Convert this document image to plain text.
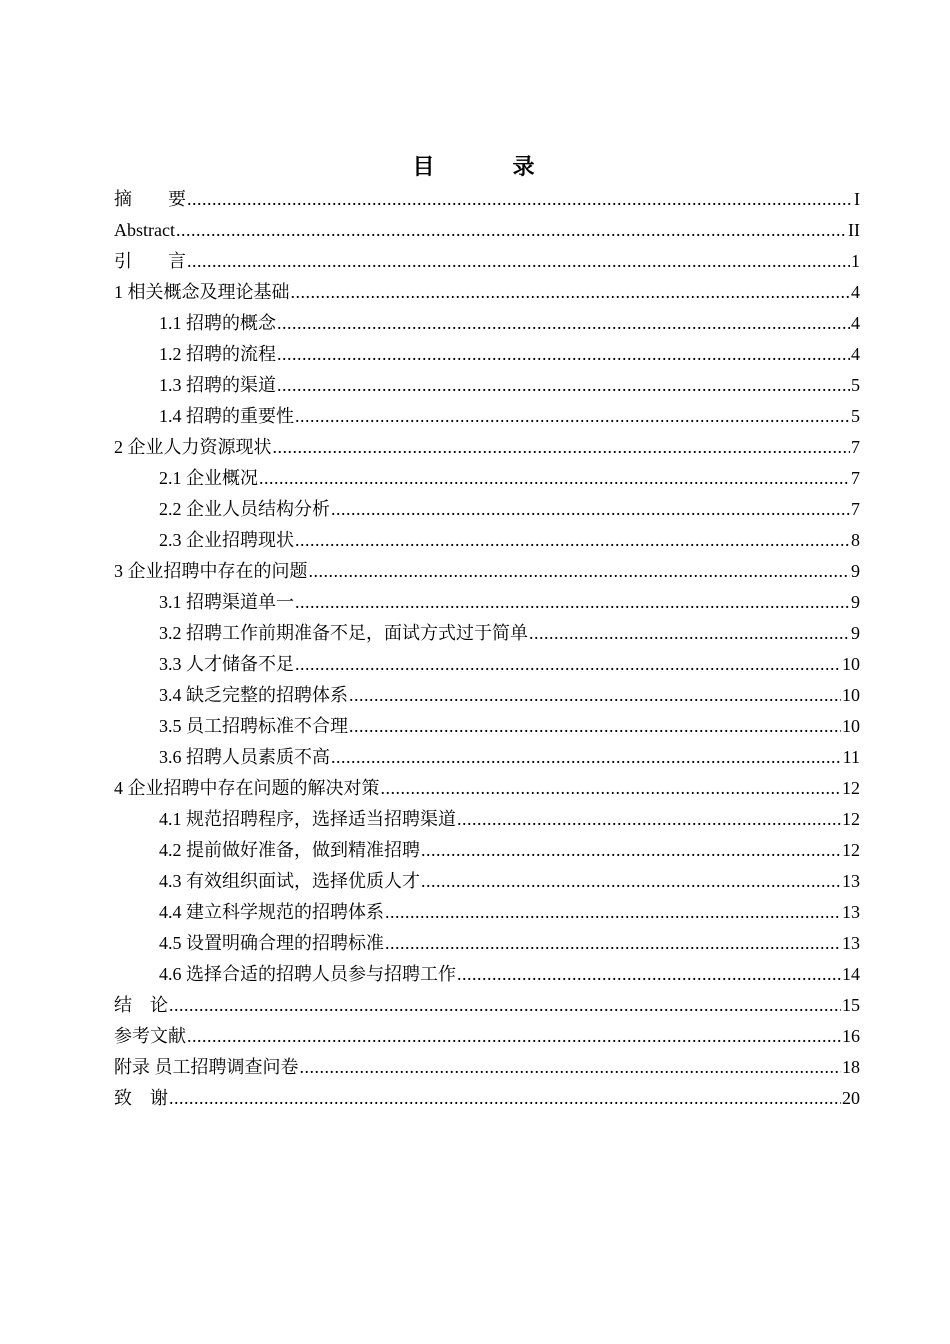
目　录
摘　　要 .....	I
Abstract .....	II
引　　言 .....	1
1 相关概念及理论基础 .....	4
1.1 招聘的概念 .....	4
1.2 招聘的流程 .....	4
1.3 招聘的渠道 .....	5
1.4 招聘的重要性 .....	5
2 企业人力资源现状 .....	7
2.1 企业概况 .....	7
2.2 企业人员结构分析 .....	7
2.3 企业招聘现状 .....	8
3 企业招聘中存在的问题 .....	9
3.1 招聘渠道单一 .....	9
3.2 招聘工作前期准备不足，面试方式过于简单 .....	9
3.3 人才储备不足 .....	10
3.4 缺乏完整的招聘体系 .....	10
3.5 员工招聘标准不合理 .....	10
3.6 招聘人员素质不高 .....	11
4 企业招聘中存在问题的解决对策 .....	12
4.1 规范招聘程序，选择适当招聘渠道 .....	12
4.2 提前做好准备，做到精准招聘 .....	12
4.3 有效组织面试，选择优质人才 .....	13
4.4 建立科学规范的招聘体系 .....	13
4.5 设置明确合理的招聘标准 .....	13
4.6 选择合适的招聘人员参与招聘工作 .....	14
结　论 .....	15
参考文献 .....	16
附录 员工招聘调查问卷 .....	18
致　谢 .....	20
